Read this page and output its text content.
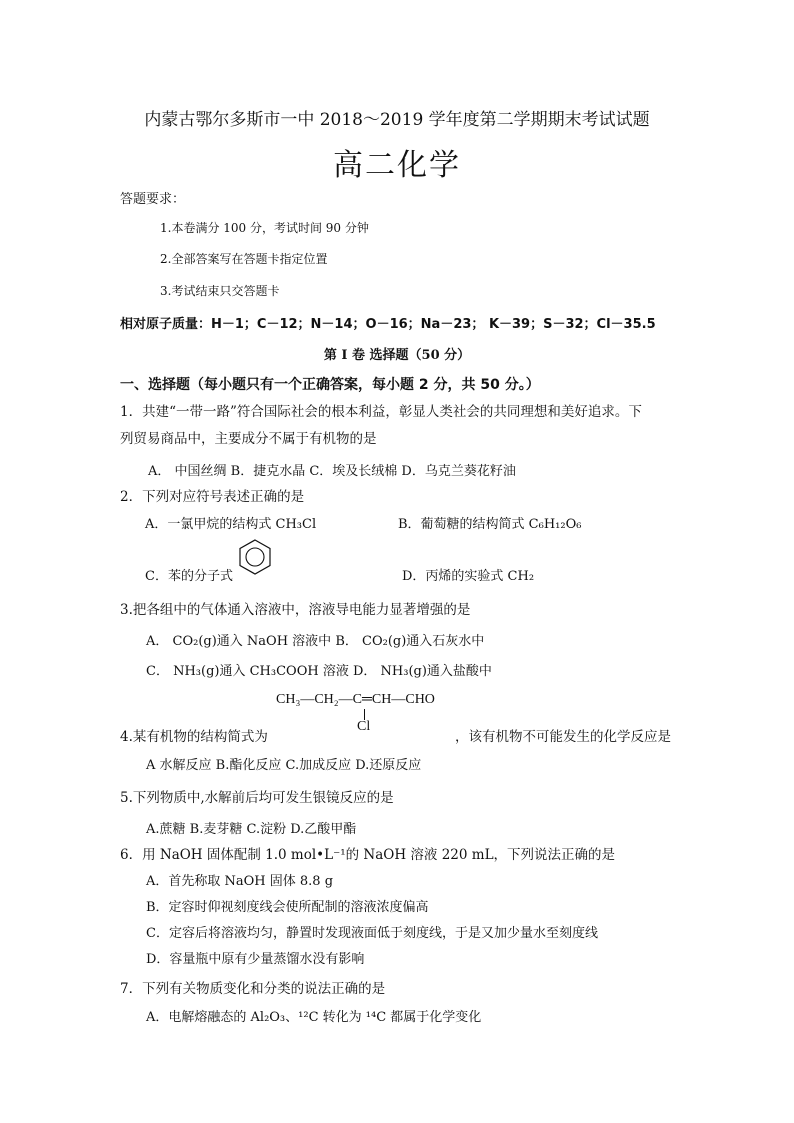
内蒙古鄂尔多斯市一中 2018～2019 学年度第二学期期末考试试题
高二化学
答题要求：
1.本卷满分 100 分，考试时间 90 分钟
2.全部答案写在答题卡指定位置
3.考试结束只交答题卡
相对原子质量：H－1；C－12；N－14；O－16；Na－23； K－39；S－32；Cl－35.5
第 I 卷 选择题（50 分）
一、选择题（每小题只有一个正确答案，每小题 2 分，共 50 分。）
1．共建“一带一路”符合国际社会的根本利益，彰显人类社会的共同理想和美好追求。下
列贸易商品中，主要成分不属于有机物的是
A． 中国丝绸 B．捷克水晶 C．埃及长绒棉 D．乌克兰葵花籽油
2．下列对应符号表述正确的是
A．一氯甲烷的结构式 CH₃Cl	B．葡萄糖的结构简式 C₆H₁₂O₆
C．苯的分子式	D．丙烯的实验式 CH₂
3.把各组中的气体通入溶液中，溶液导电能力显著增强的是
A． CO₂(g)通入 NaOH 溶液中 B． CO₂(g)通入石灰水中
C． NH₃(g)通入 CH₃COOH 溶液 D． NH₃(g)通入盐酸中
CH₃—CH₂—C═CH—CHO
Cl
4.某有机物的结构简式为	，该有机物不可能发生的化学反应是
A 水解反应 B.酯化反应 C.加成反应 D.还原反应
5.下列物质中,水解前后均可发生银镜反应的是
A.蔗糖 B.麦芽糖 C.淀粉 D.乙酸甲酯
6．用 NaOH 固体配制 1.0 mol•L⁻¹的 NaOH 溶液 220 mL，下列说法正确的是
A．首先称取 NaOH 固体 8.8 g
B．定容时仰视刻度线会使所配制的溶液浓度偏高
C．定容后将溶液均匀，静置时发现液面低于刻度线，于是又加少量水至刻度线
D．容量瓶中原有少量蒸馏水没有影响
7．下列有关物质变化和分类的说法正确的是
A．电解熔融态的 Al₂O₃、¹²C 转化为 ¹⁴C 都属于化学变化
